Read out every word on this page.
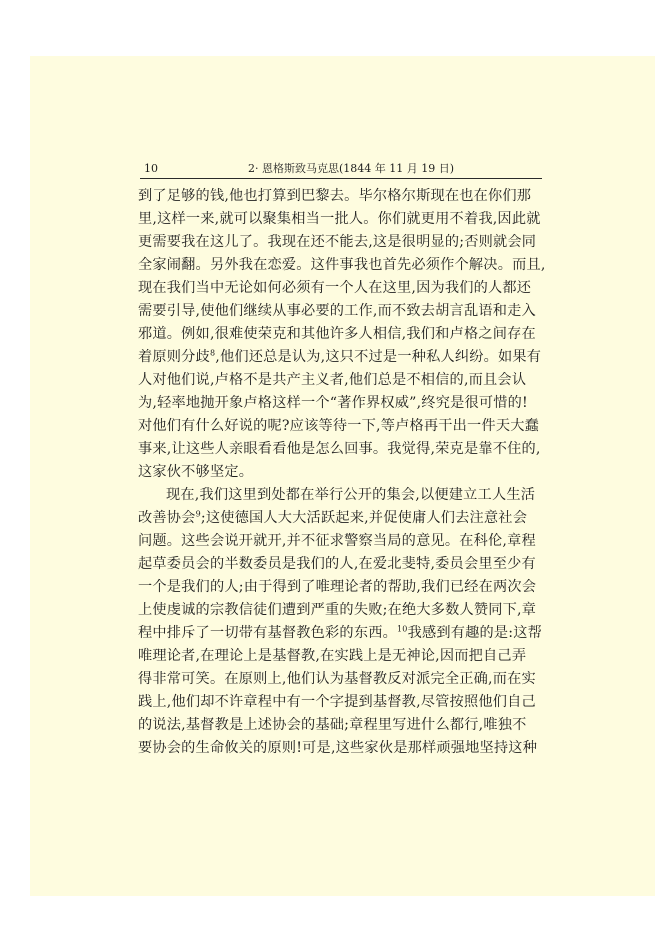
10	2· 恩格斯致马克思(1844 年 11 月 19 日)
到了足够的钱,他也打算到巴黎去。毕尔格尔斯现在也在你们那
里,这样一来,就可以聚集相当一批人。你们就更用不着我,因此就
更需要我在这儿了。我现在还不能去,这是很明显的;否则就会同
全家闹翻。另外我在恋爱。这件事我也首先必须作个解决。而且,
现在我们当中无论如何必须有一个人在这里,因为我们的人都还
需要引导,使他们继续从事必要的工作,而不致去胡言乱语和走入
邪道。例如,很难使荣克和其他许多人相信,我们和卢格之间存在
着原则分歧$^8$,他们还总是认为,这只不过是一种私人纠纷。如果有
人对他们说,卢格不是共产主义者,他们总是不相信的,而且会认
为,轻率地抛开象卢格这样一个“著作界权威”,终究是很可惜的!
对他们有什么好说的呢?应该等待一下,等卢格再干出一件天大蠢
事来,让这些人亲眼看看他是怎么回事。我觉得,荣克是靠不住的,
这家伙不够坚定。
现在,我们这里到处都在举行公开的集会,以便建立工人生活
改善协会$^9$;这使德国人大大活跃起来,并促使庸人们去注意社会
问题。这些会说开就开,并不征求警察当局的意见。在科伦,章程
起草委员会的半数委员是我们的人,在爱北斐特,委员会里至少有
一个是我们的人;由于得到了唯理论者的帮助,我们已经在两次会
上使虔诚的宗教信徒们遭到严重的失败;在绝大多数人赞同下,章
程中排斥了一切带有基督教色彩的东西。$^{10}$我感到有趣的是:这帮
唯理论者,在理论上是基督教,在实践上是无神论,因而把自己弄
得非常可笑。在原则上,他们认为基督教反对派完全正确,而在实
践上,他们却不许章程中有一个字提到基督教,尽管按照他们自己
的说法,基督教是上述协会的基础;章程里写进什么都行,唯独不
要协会的生命攸关的原则!可是,这些家伙是那样顽强地坚持这种
